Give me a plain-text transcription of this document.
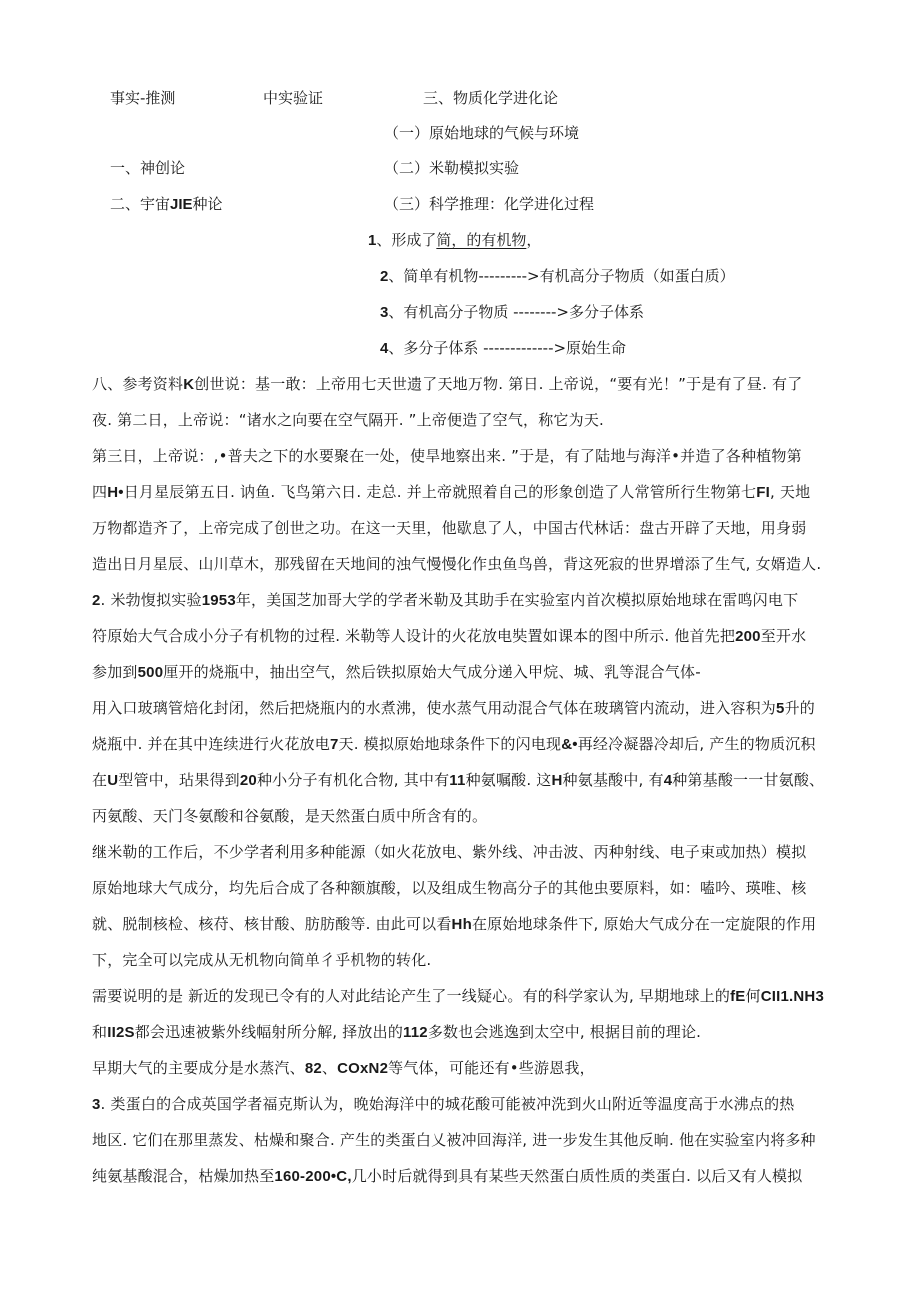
事实-推测	中实验证	三、物质化学进化论
（一）原始地球的气候与环境
一、神创论	（二）米勒模拟实验
二、宇宙JIE种论	（三）科学推理：化学进化过程
1、形成了简，的有机物，
2、简单有机物--------->有机高分子物质（如蛋白质）
3、有机高分子物质 -------->多分子体系
4、多分子体系 ------------->原始生命
八、参考资料K创世说：基一敢：上帝用七天世遗了天地万物. 第日. 上帝说，“要有光！”于是有了昼. 有了
夜. 第二日，上帝说：“诸水之向要在空气隔开. ”上帝便造了空气，称它为天.
第三日，上帝说：,•普夫之下的水要聚在一处，使旱地察出来. ”于是，有了陆地与海洋•并造了各种植物第
四H•日月星辰第五日. 讷鱼. 飞鸟第六日. 走总. 并上帝就照着自己的形象创造了人常管所行生物第七FI, 天地
万物都造齐了，上帝完成了创世之功。在这一天里，他歇息了人，中国古代林话：盘古开辟了天地，用身弱
造出日月星辰、山川草木，那残留在天地间的浊气慢慢化作虫鱼鸟兽，背这死寂的世界增添了生气, 女婿造人.
2. 米勃愎拟实验1953年，美国芝加哥大学的学者米勒及其助手在实验室内首次模拟原始地球在雷鸣闪电下
符原始大气合成小分子有机物的过程. 米勒等人设计的火花放电奘置如课本的图中所示. 他首先把200至开水
参加到500厘开的烧瓶中，抽出空气，然后铁拟原始大气成分递入甲烷、城、乳等混合气体-
用入口玻璃管焙化封闭，然后把烧瓶内的水煮沸，使水蒸气用动混合气体在玻璃管内流动，进入容积为5升的
烧瓶中. 并在其中连续进行火花放电7天. 模拟原始地球条件下的闪电现&•再经冷凝器冷却后, 产生的物质沉积
在U型管中，玷果得到20种小分子有机化合物, 其中有11种氨嘱酸. 这H种氨基酸中, 有4种第基酸一一甘氨酸、
丙氨酸、天门冬氨酸和谷氨酸，是天然蛋白质中所含有的。
继米勒的工作后，不少学者利用多种能源（如火花放电、紫外线、冲击波、丙种射线、电子束或加热）模拟
原始地球大气成分，均先后合成了各种额旗酸，以及组成生物高分子的其他虫要原料，如：嗑吟、瑛唯、核
就、脱制核检、核苻、核甘酸、肪肪酸等. 由此可以看Hh在原始地球条件下, 原始大气成分在一定旋限的作用
下，完全可以完成从无机物向简单彳乎机物的转化.
需要说明的是 新近的发现已令有的人对此结论产生了一线疑心。有的科学家认为, 早期地球上的fE何CII1.NH3
和II2S都会迅速被紫外线幅射所分解, 择放出的112多数也会逃逸到太空中, 根据目前的理论.
早期大气的主要成分是水蒸汽、82、COxN2等气体，可能还有•些游恩我，
3. 类蛋白的合成英国学者福克斯认为，晚始海洋中的城花酸可能被冲洗到火山附近等温度高于水沸点的热
地区. 它们在那里蒸发、枯燥和聚合. 产生的类蛋白乂被冲回海洋, 进一步发生其他反晌. 他在实验室内将多种
纯氨基酸混合，枯燥加热至160-200•C,几小时后就得到具有某些天然蛋白质性质的类蛋白. 以后又有人模拟
